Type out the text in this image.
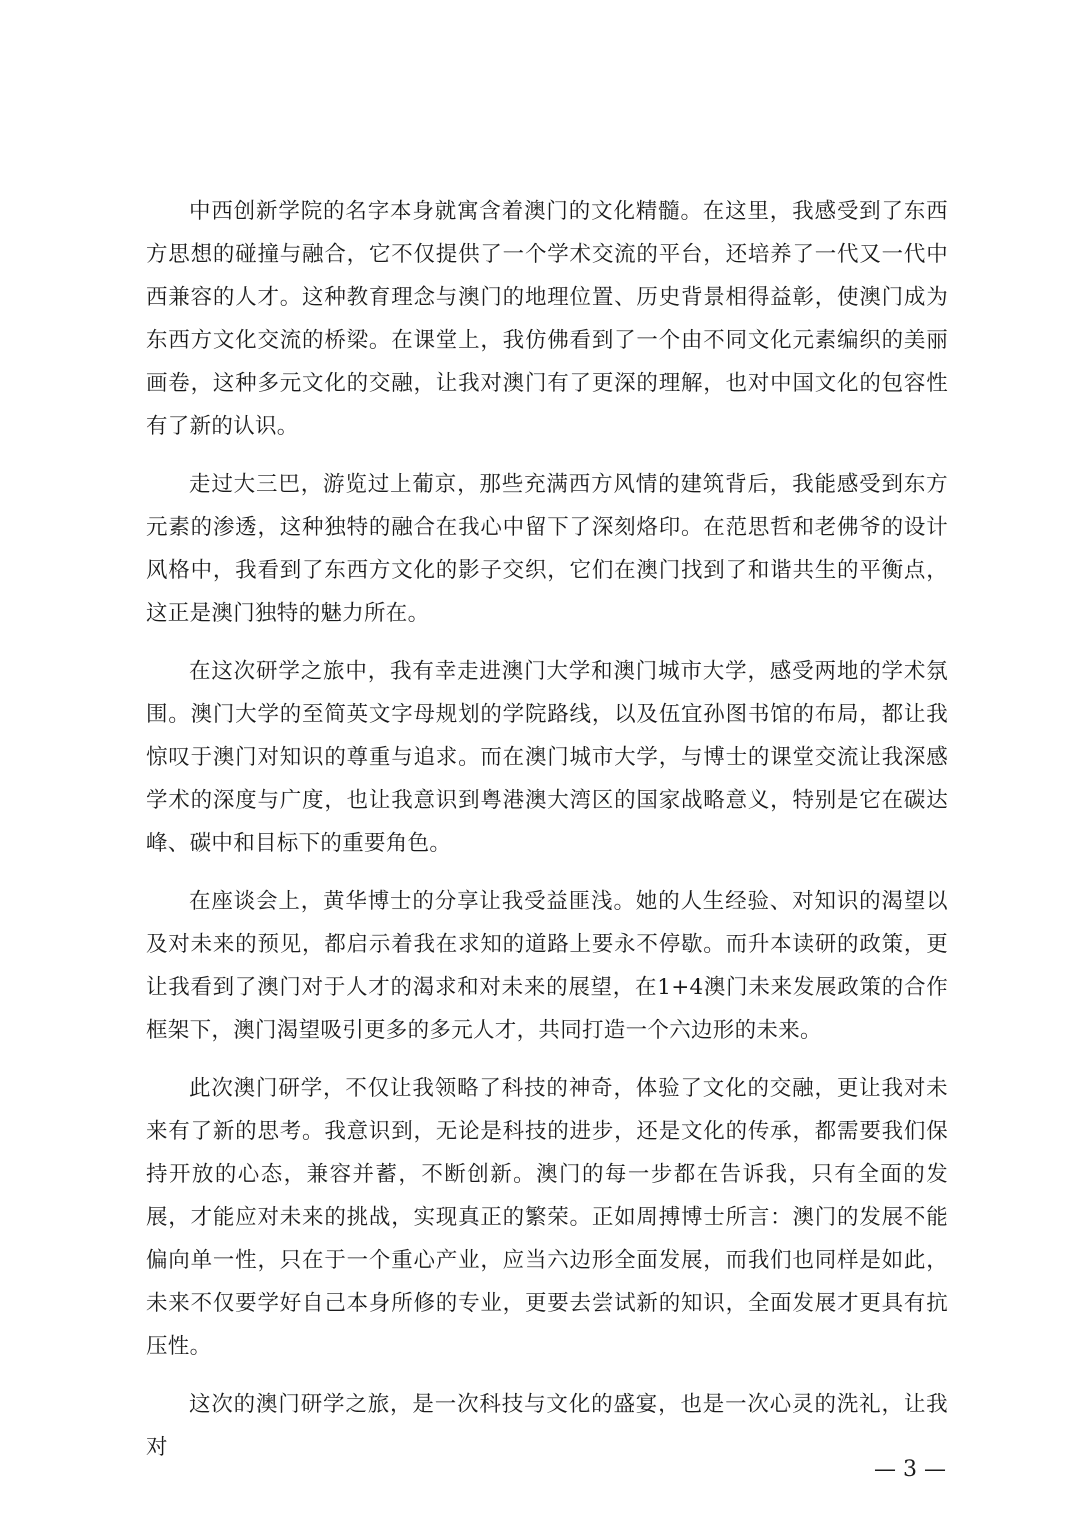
中西创新学院的名字本身就寓含着澳门的文化精髓。在这里，我感受到了东西方思想的碰撞与融合，它不仅提供了一个学术交流的平台，还培养了一代又一代中西兼容的人才。这种教育理念与澳门的地理位置、历史背景相得益彰，使澳门成为东西方文化交流的桥梁。在课堂上，我仿佛看到了一个由不同文化元素编织的美丽画卷，这种多元文化的交融，让我对澳门有了更深的理解，也对中国文化的包容性有了新的认识。

走过大三巴，游览过上葡京，那些充满西方风情的建筑背后，我能感受到东方元素的渗透，这种独特的融合在我心中留下了深刻烙印。在范思哲和老佛爷的设计风格中，我看到了东西方文化的影子交织，它们在澳门找到了和谐共生的平衡点，这正是澳门独特的魅力所在。

在这次研学之旅中，我有幸走进澳门大学和澳门城市大学，感受两地的学术氛围。澳门大学的至简英文字母规划的学院路线，以及伍宜孙图书馆的布局，都让我惊叹于澳门对知识的尊重与追求。而在澳门城市大学，与博士的课堂交流让我深感学术的深度与广度，也让我意识到粤港澳大湾区的国家战略意义，特别是它在碳达峰、碳中和目标下的重要角色。

在座谈会上，黄华博士的分享让我受益匪浅。她的人生经验、对知识的渴望以及对未来的预见，都启示着我在求知的道路上要永不停歇。而升本读研的政策，更让我看到了澳门对于人才的渴求和对未来的展望，在1+4澳门未来发展政策的合作框架下，澳门渴望吸引更多的多元人才，共同打造一个六边形的未来。

此次澳门研学，不仅让我领略了科技的神奇，体验了文化的交融，更让我对未来有了新的思考。我意识到，无论是科技的进步，还是文化的传承，都需要我们保持开放的心态，兼容并蓄，不断创新。澳门的每一步都在告诉我，只有全面的发展，才能应对未来的挑战，实现真正的繁荣。正如周搏博士所言：澳门的发展不能偏向单一性，只在于一个重心产业，应当六边形全面发展，而我们也同样是如此，未来不仅要学好自己本身所修的专业，更要去尝试新的知识，全面发展才更具有抗压性。

这次的澳门研学之旅，是一次科技与文化的盛宴，也是一次心灵的洗礼，让我对

— 3 —
